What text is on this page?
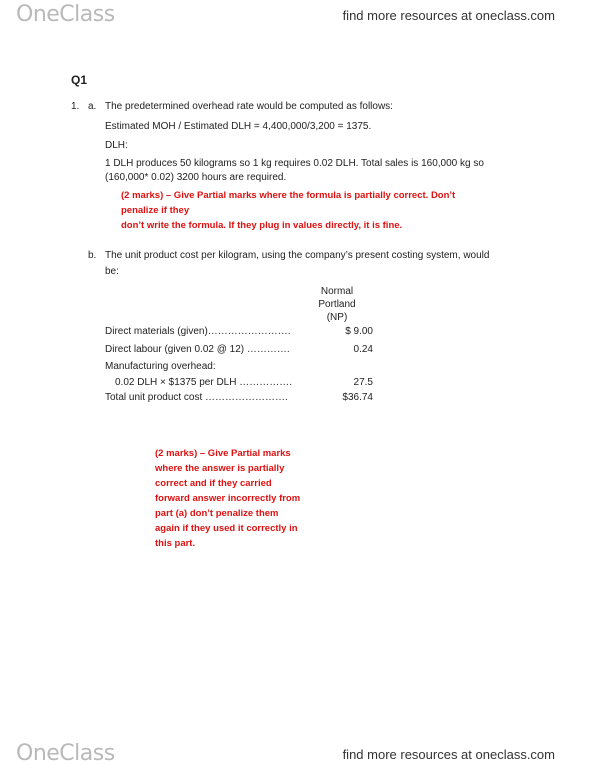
OneClass	find more resources at oneclass.com
Q1
1. a. The predetermined overhead rate would be computed as follows:
Estimated MOH / Estimated DLH = 4,400,000/3,200 = 1375.
DLH:
1 DLH produces 50 kilograms so 1 kg requires 0.02 DLH. Total sales is 160,000 kg so
(160,000* 0.02) 3200 hours are required.
(2 marks) – Give Partial marks where the formula is partially correct. Don’t penalize if they
don’t write the formula. If they plug in values directly, it is fine.
b. The unit product cost per kilogram, using the company’s present costing system, would
be:
Normal
Portland
(NP)
Direct materials (given)…………………….	$ 9.00
Direct labour (given 0.02 @ 12) ………….	0.24
Manufacturing overhead:
0.02 DLH × $1375 per DLH …………….	27.5
Total unit product cost …………………….	$36.74
(2 marks) – Give Partial marks
where the answer is partially
correct and if they carried
forward answer incorrectly from
part (a) don’t penalize them
again if they used it correctly in
this part.
OneClass	find more resources at oneclass.com
